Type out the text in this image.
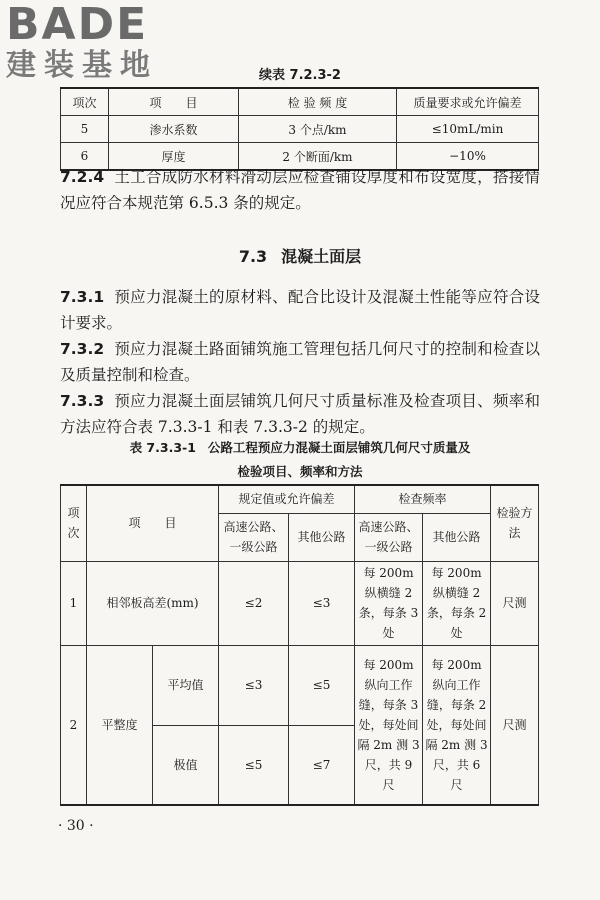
BADE
建装基地	续表 7.2.3-2
项次	项　　目	检 验 频 度	质量要求或允许偏差
5	渗水系数	3 个点/km	≤10mL/min
6	厚度	2 个断面/km	−10%

7.2.4 土工合成防水材料滑动层应检查铺设厚度和布设宽度，搭接情况应符合本规范第 6.5.3 条的规定。

7.3 混凝土面层

7.3.1 预应力混凝土的原材料、配合比设计及混凝土性能等应符合设计要求。

7.3.2 预应力混凝土路面铺筑施工管理包括几何尺寸的控制和检查以及质量控制和检查。

7.3.3 预应力混凝土面层铺筑几何尺寸质量标准及检查项目、频率和方法应符合表 7.3.3-1 和表 7.3.3-2 的规定。

表 7.3.3-1 公路工程预应力混凝土面层铺筑几何尺寸质量及
检验项目、频率和方法
项次	项　　目		规定值或允许偏差		检查频率		检验方法
			高速公路、一级公路	其他公路	高速公路、一级公路	其他公路	
1	相邻板高差(mm)		≤2	≤3	每 200m 纵横缝 2 条，每条 3 处	每 200m 纵横缝 2 条，每条 2 处	尺测
2	平整度	平均值	≤3	≤5	每 200m 纵向工作缝，每条 3 处，每处间隔 2m 测 3 尺，共 9 尺	每 200m 纵向工作缝，每条 2 处，每处间隔 2m 测 3 尺，共 6 尺	尺测
		极值	≤5	≤7			
· 30 ·
